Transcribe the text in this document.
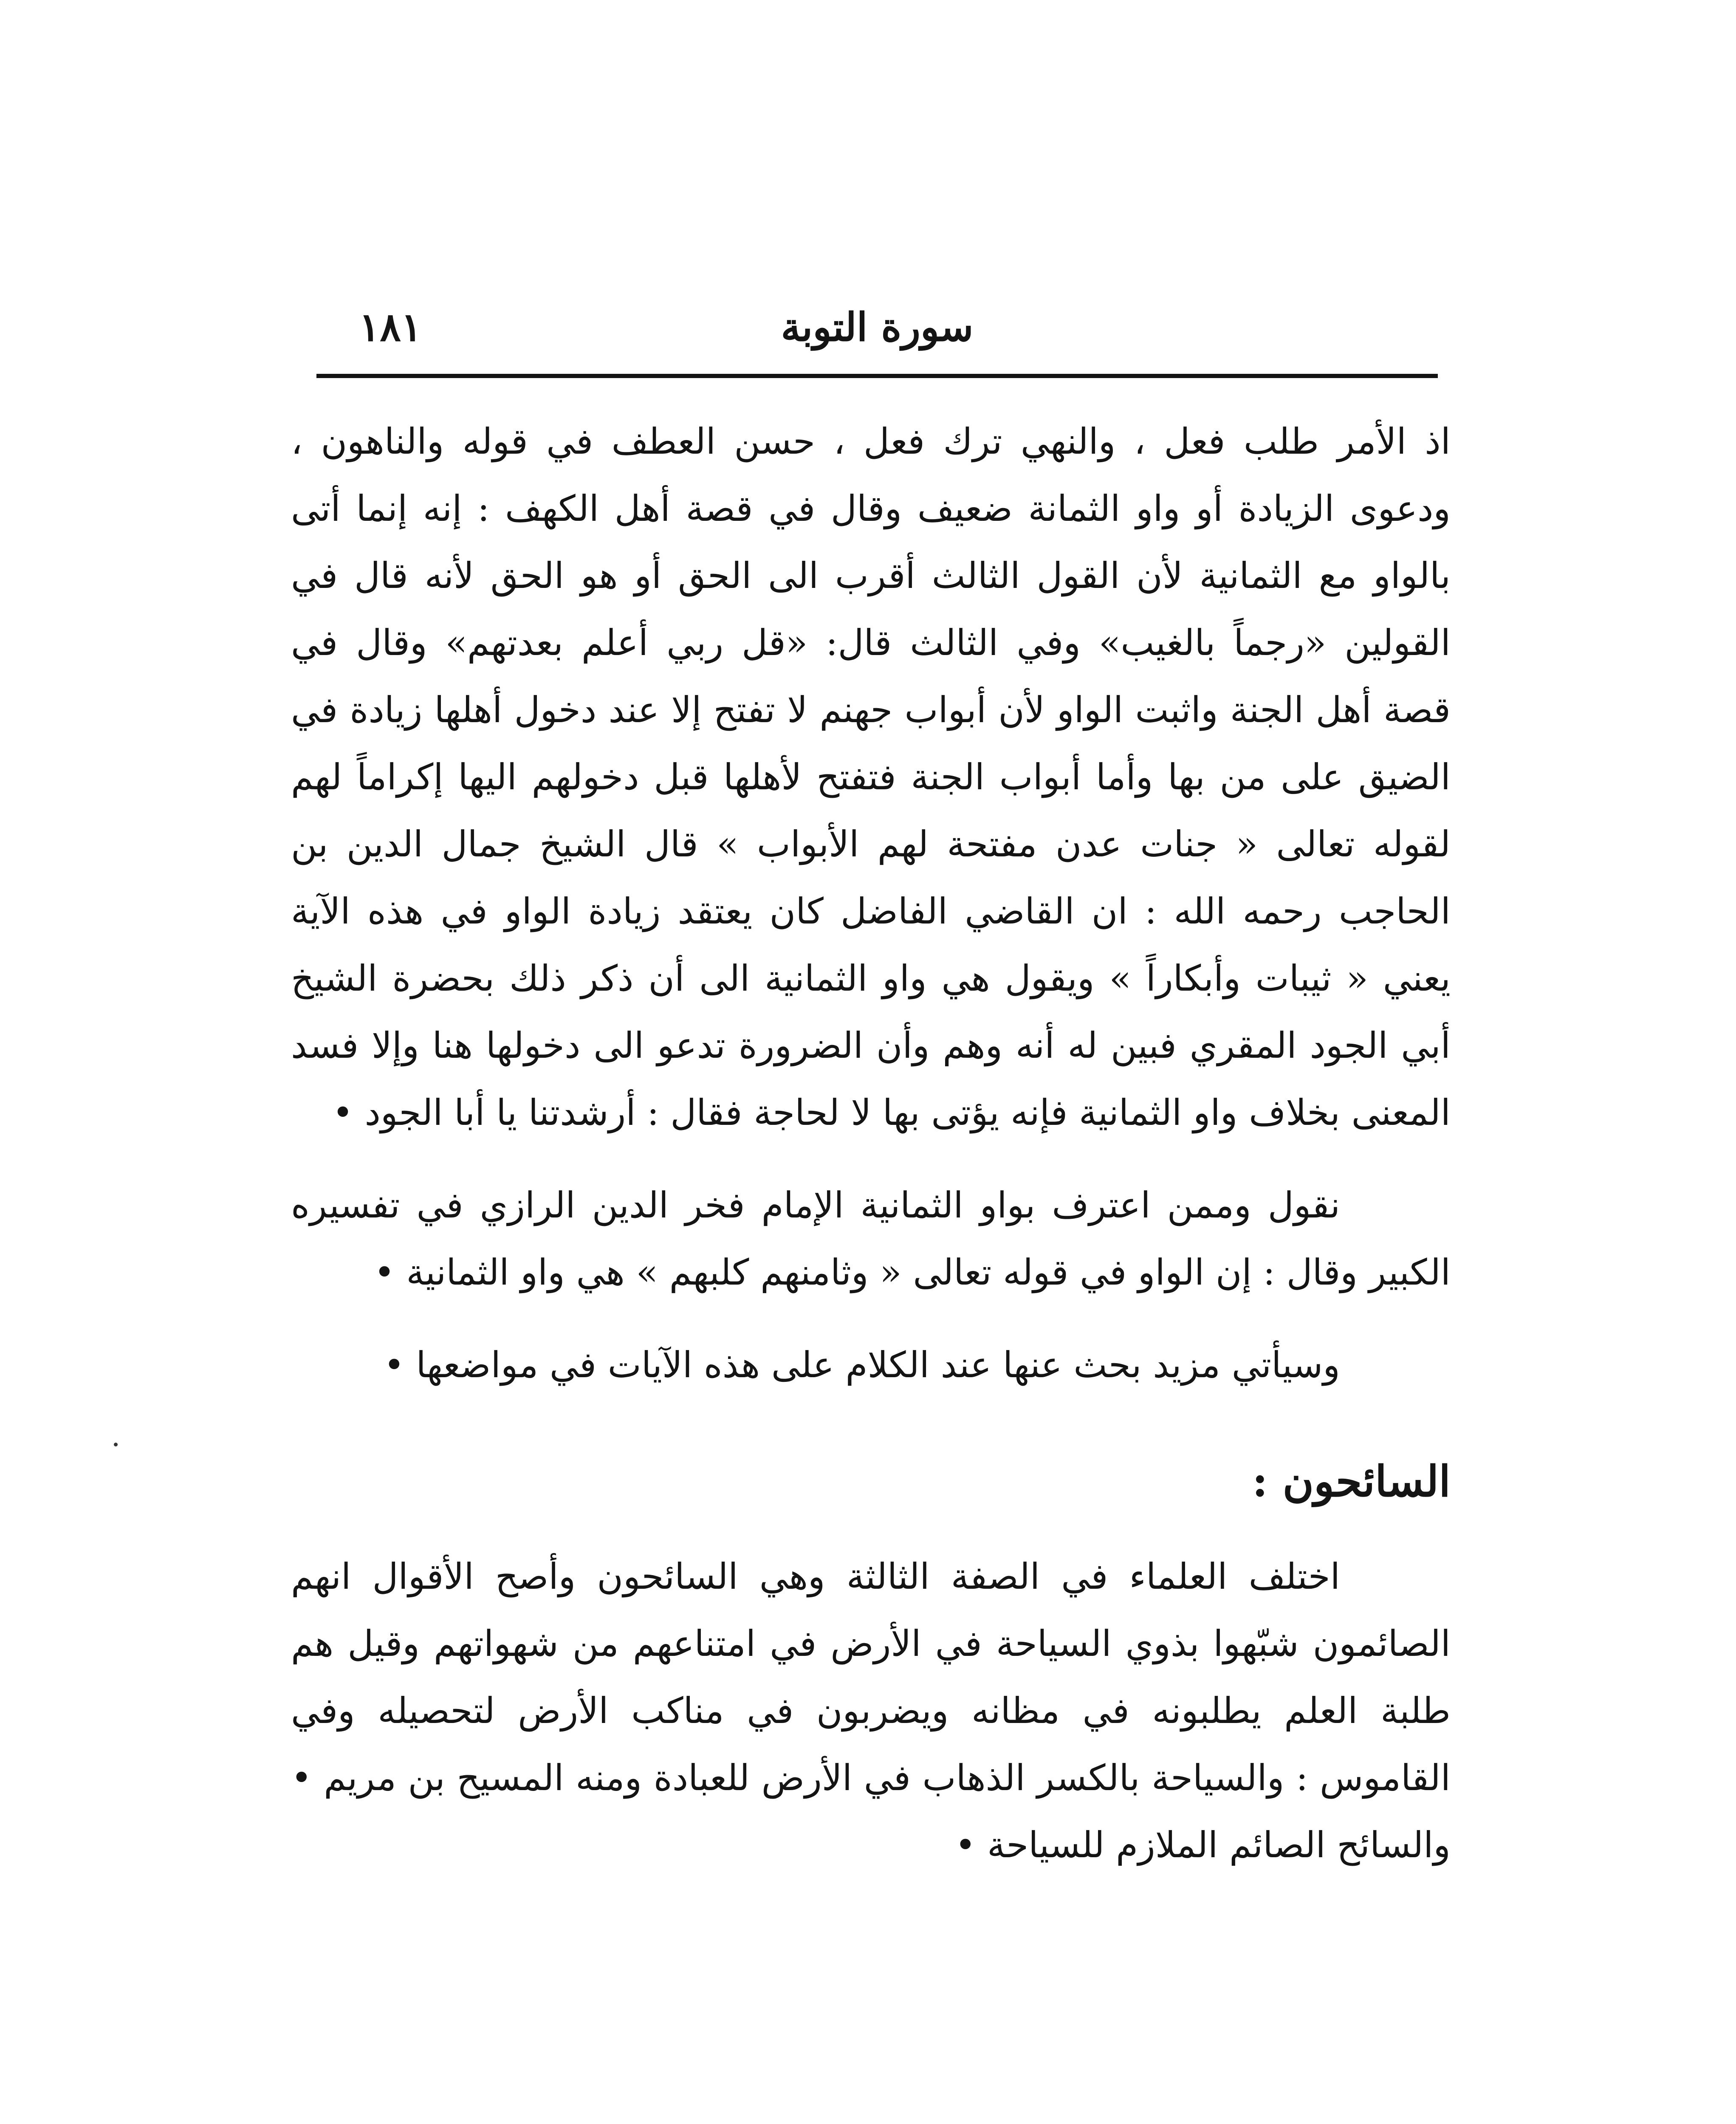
سورة التوبة
١٨١

اذ الأمر طلب فعل ، والنهي ترك فعل ، حسن العطف في قوله والناهون ، ودعوى الزيادة أو واو الثمانة ضعيف وقال في قصة أهل الكهف : إنه إنما أتى بالواو مع الثمانية لأن القول الثالث أقرب الى الحق أو هو الحق لأنه قال في القولين «رجماً بالغيب» وفي الثالث قال: «قل ربي أعلم بعدتهم» وقال في قصة أهل الجنة واثبت الواو لأن أبواب جهنم لا تفتح إلا عند دخول أهلها زيادة في الضيق على من بها وأما أبواب الجنة فتفتح لأهلها قبل دخولهم اليها إكراماً لهم لقوله تعالى « جنات عدن مفتحة لهم الأبواب » قال الشيخ جمال الدين بن الحاجب رحمه الله : ان القاضي الفاضل كان يعتقد زيادة الواو في هذه الآية يعني « ثيبات وأبكاراً » ويقول هي واو الثمانية الى أن ذكر ذلك بحضرة الشيخ أبي الجود المقري فبين له أنه وهم وأن الضرورة تدعو الى دخولها هنا وإلا فسد المعنى بخلاف واو الثمانية فإنه يؤتى بها لا لحاجة فقال : أرشدتنا يا أبا الجود •

نقول وممن اعترف بواو الثمانية الإمام فخر الدين الرازي في تفسيره الكبير وقال : إن الواو في قوله تعالى « وثامنهم كلبهم » هي واو الثمانية •

وسيأتي مزيد بحث عنها عند الكلام على هذه الآيات في مواضعها •

السائحون :

اختلف العلماء في الصفة الثالثة وهي السائحون وأصح الأقوال انهم الصائمون شبّهوا بذوي السياحة في الأرض في امتناعهم من شهواتهم وقيل هم طلبة العلم يطلبونه في مظانه ويضربون في مناكب الأرض لتحصيله وفي القاموس : والسياحة بالكسر الذهاب في الأرض للعبادة ومنه المسيح بن مريم • والسائح الصائم الملازم للسياحة •
